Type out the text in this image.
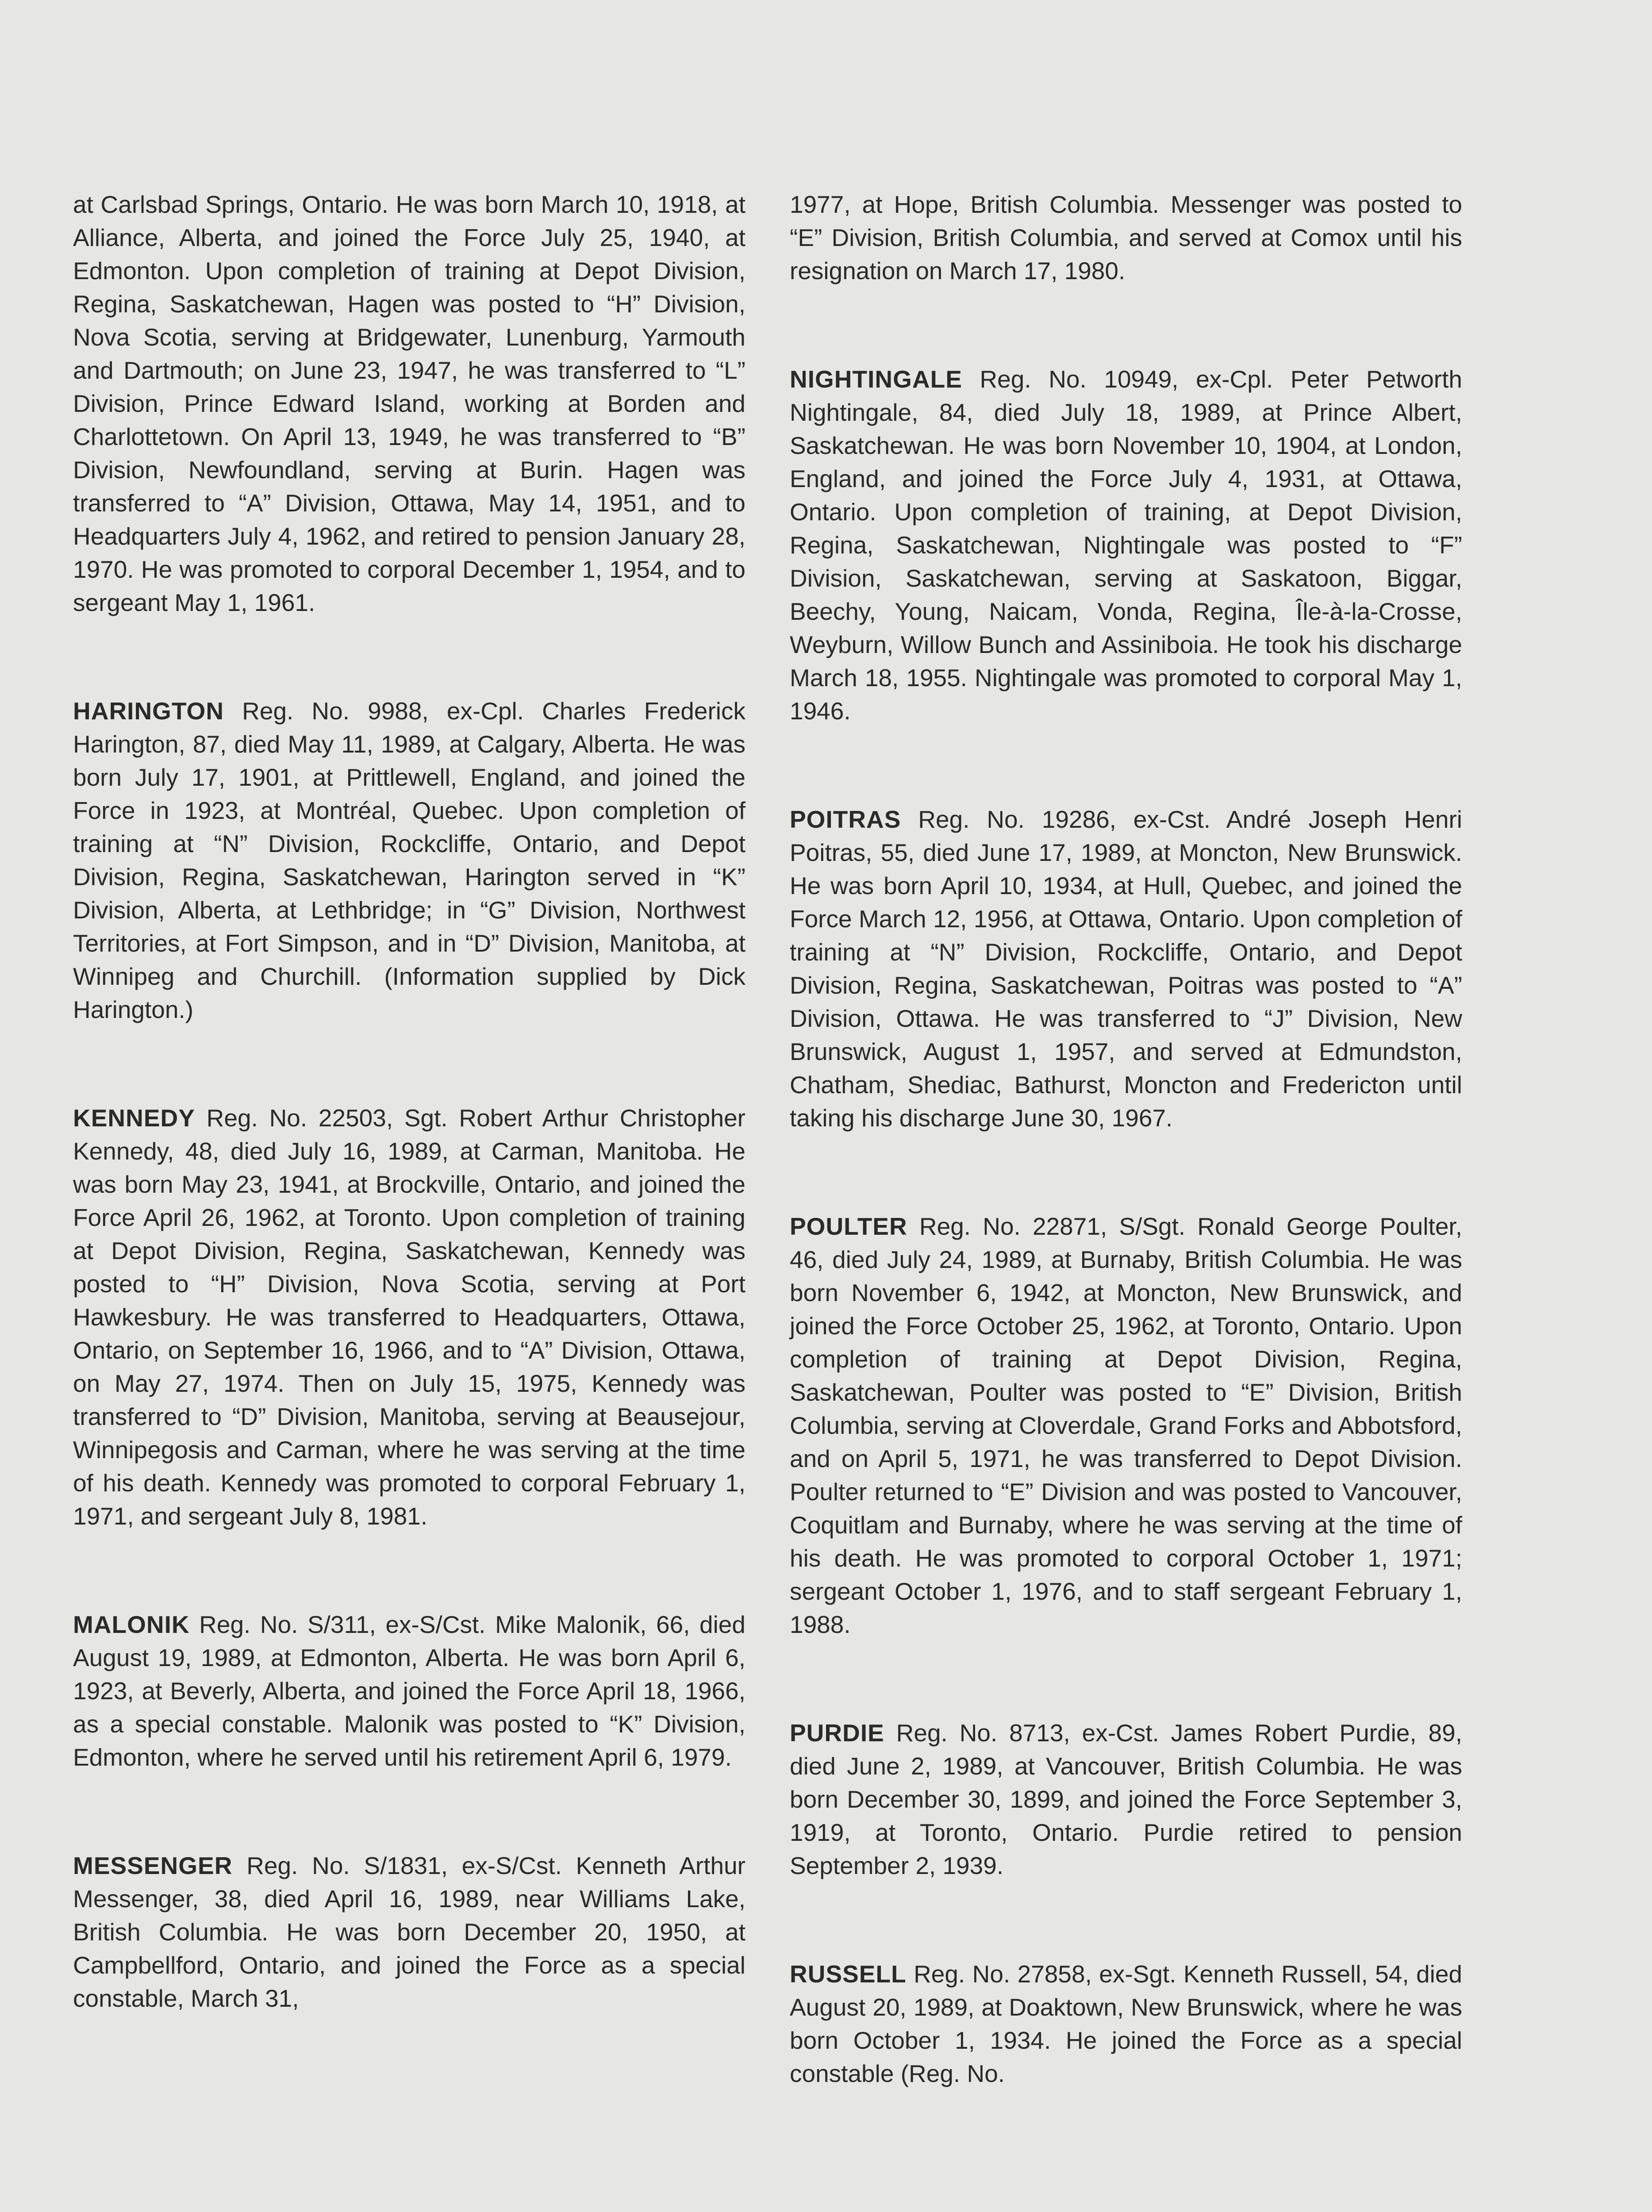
at Carlsbad Springs, Ontario. He was born March 10, 1918, at Alliance, Alberta, and joined the Force July 25, 1940, at Edmonton. Upon completion of training at Depot Division, Regina, Saskatchewan, Hagen was posted to “H” Division, Nova Scotia, serving at Bridgewater, Lunenburg, Yarmouth and Dartmouth; on June 23, 1947, he was transferred to “L” Division, Prince Edward Island, working at Borden and Charlottetown. On April 13, 1949, he was transferred to “B” Division, Newfoundland, serving at Burin. Hagen was transferred to “A” Division, Ottawa, May 14, 1951, and to Headquarters July 4, 1962, and retired to pension January 28, 1970. He was promoted to corporal December 1, 1954, and to sergeant May 1, 1961.

HARINGTON Reg. No. 9988, ex-Cpl. Charles Frederick Harington, 87, died May 11, 1989, at Calgary, Alberta. He was born July 17, 1901, at Prittlewell, England, and joined the Force in 1923, at Montréal, Quebec. Upon completion of training at “N” Division, Rockcliffe, Ontario, and Depot Division, Regina, Saskatchewan, Harington served in “K” Division, Alberta, at Lethbridge; in “G” Division, Northwest Territories, at Fort Simpson, and in “D” Division, Manitoba, at Winnipeg and Churchill. (Information supplied by Dick Harington.)

KENNEDY Reg. No. 22503, Sgt. Robert Arthur Christopher Kennedy, 48, died July 16, 1989, at Carman, Manitoba. He was born May 23, 1941, at Brockville, Ontario, and joined the Force April 26, 1962, at Toronto. Upon completion of training at Depot Division, Regina, Saskatchewan, Kennedy was posted to “H” Division, Nova Scotia, serving at Port Hawkesbury. He was transferred to Headquarters, Ottawa, Ontario, on September 16, 1966, and to “A” Division, Ottawa, on May 27, 1974. Then on July 15, 1975, Kennedy was transferred to “D” Division, Manitoba, serving at Beausejour, Winnipegosis and Carman, where he was serving at the time of his death. Kennedy was promoted to corporal February 1, 1971, and sergeant July 8, 1981.

MALONIK Reg. No. S/311, ex-S/Cst. Mike Malonik, 66, died August 19, 1989, at Edmonton, Alberta. He was born April 6, 1923, at Beverly, Alberta, and joined the Force April 18, 1966, as a special constable. Malonik was posted to “K” Division, Edmonton, where he served until his retirement April 6, 1979.

MESSENGER Reg. No. S/1831, ex-S/Cst. Kenneth Arthur Messenger, 38, died April 16, 1989, near Williams Lake, British Columbia. He was born December 20, 1950, at Campbellford, Ontario, and joined the Force as a special constable, March 31,

1977, at Hope, British Columbia. Messenger was posted to “E” Division, British Columbia, and served at Comox until his resignation on March 17, 1980.

NIGHTINGALE Reg. No. 10949, ex-Cpl. Peter Petworth Nightingale, 84, died July 18, 1989, at Prince Albert, Saskatchewan. He was born November 10, 1904, at London, England, and joined the Force July 4, 1931, at Ottawa, Ontario. Upon completion of training, at Depot Division, Regina, Saskatchewan, Nightingale was posted to “F” Division, Saskatchewan, serving at Saskatoon, Biggar, Beechy, Young, Naicam, Vonda, Regina, Île-à-la-Crosse, Weyburn, Willow Bunch and Assiniboia. He took his discharge March 18, 1955. Nightingale was promoted to corporal May 1, 1946.

POITRAS Reg. No. 19286, ex-Cst. André Joseph Henri Poitras, 55, died June 17, 1989, at Moncton, New Brunswick. He was born April 10, 1934, at Hull, Quebec, and joined the Force March 12, 1956, at Ottawa, Ontario. Upon completion of training at “N” Division, Rockcliffe, Ontario, and Depot Division, Regina, Saskatchewan, Poitras was posted to “A” Division, Ottawa. He was transferred to “J” Division, New Brunswick, August 1, 1957, and served at Edmundston, Chatham, Shediac, Bathurst, Moncton and Fredericton until taking his discharge June 30, 1967.

POULTER Reg. No. 22871, S/Sgt. Ronald George Poulter, 46, died July 24, 1989, at Burnaby, British Columbia. He was born November 6, 1942, at Moncton, New Brunswick, and joined the Force October 25, 1962, at Toronto, Ontario. Upon completion of training at Depot Division, Regina, Saskatchewan, Poulter was posted to “E” Division, British Columbia, serving at Cloverdale, Grand Forks and Abbotsford, and on April 5, 1971, he was transferred to Depot Division. Poulter returned to “E” Division and was posted to Vancouver, Coquitlam and Burnaby, where he was serving at the time of his death. He was promoted to corporal October 1, 1971; sergeant October 1, 1976, and to staff sergeant February 1, 1988.

PURDIE Reg. No. 8713, ex-Cst. James Robert Purdie, 89, died June 2, 1989, at Vancouver, British Columbia. He was born December 30, 1899, and joined the Force September 3, 1919, at Toronto, Ontario. Purdie retired to pension September 2, 1939.

RUSSELL Reg. No. 27858, ex-Sgt. Kenneth Russell, 54, died August 20, 1989, at Doaktown, New Brunswick, where he was born October 1, 1934. He joined the Force as a special constable (Reg. No.
